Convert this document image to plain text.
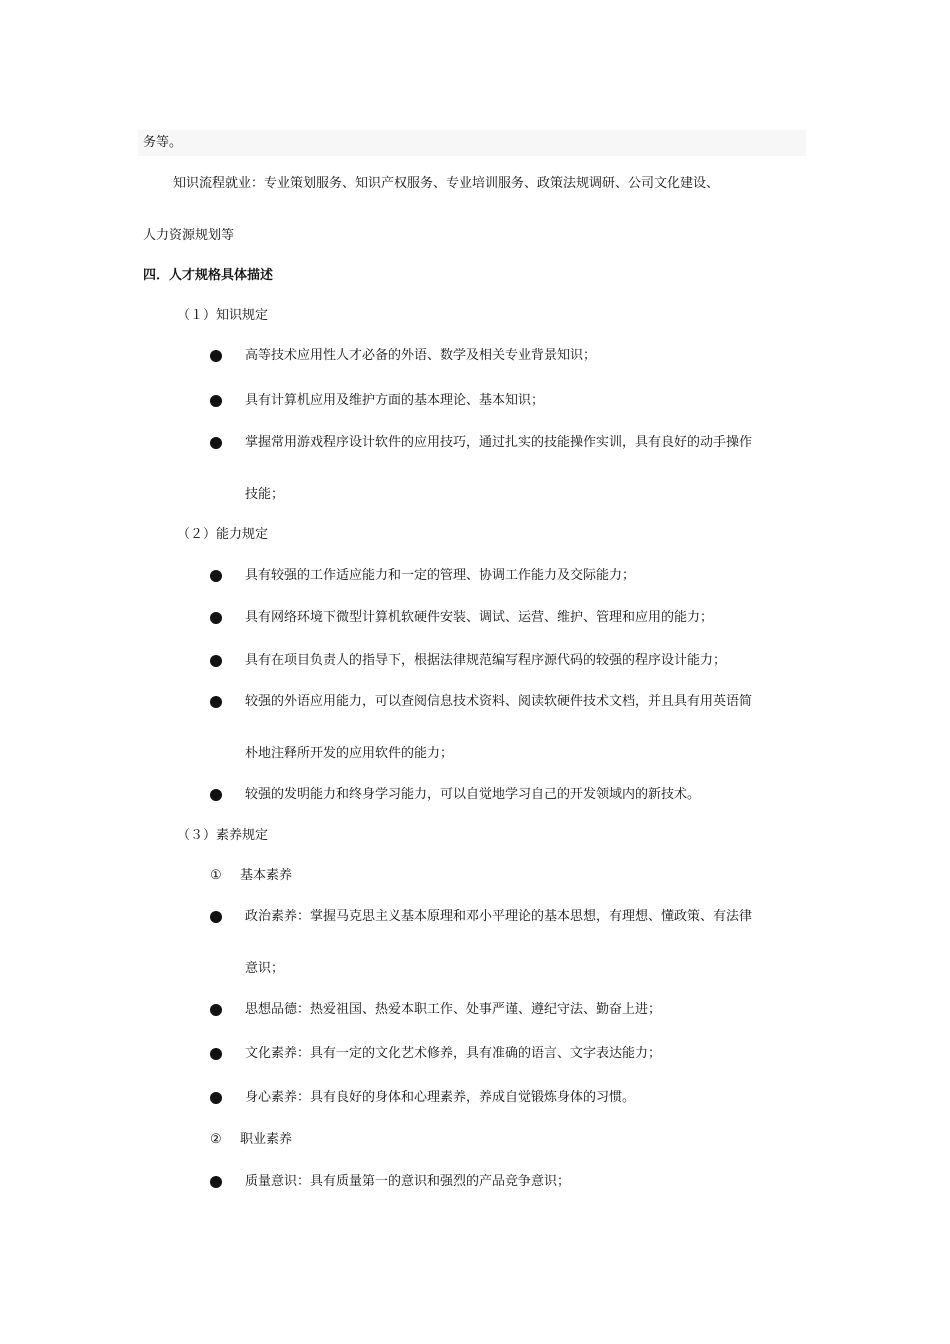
务等。
知识流程就业：专业策划服务、知识产权服务、专业培训服务、政策法规调研、公司文化建设、
人力资源规划等
四．人才规格具体描述
（１）知识规定
高等技术应用性人才必备的外语、数学及相关专业背景知识；
具有计算机应用及维护方面的基本理论、基本知识；
掌握常用游戏程序设计软件的应用技巧，通过扎实的技能操作实训，具有良好的动手操作
技能；
（２）能力规定
具有较强的工作适应能力和一定的管理、协调工作能力及交际能力；
具有网络环境下微型计算机软硬件安装、调试、运营、维护、管理和应用的能力；
具有在项目负责人的指导下，根据法律规范编写程序源代码的较强的程序设计能力；
较强的外语应用能力，可以查阅信息技术资料、阅读软硬件技术文档，并且具有用英语简
朴地注释所开发的应用软件的能力；
较强的发明能力和终身学习能力，可以自觉地学习自己的开发领域内的新技术。
（３）素养规定
① 基本素养
政治素养：掌握马克思主义基本原理和邓小平理论的基本思想，有理想、懂政策、有法律
意识；
思想品德：热爱祖国、热爱本职工作、处事严谨、遵纪守法、勤奋上进；
文化素养：具有一定的文化艺术修养，具有准确的语言、文字表达能力；
身心素养：具有良好的身体和心理素养，养成自觉锻炼身体的习惯。
② 职业素养
质量意识：具有质量第一的意识和强烈的产品竞争意识；
